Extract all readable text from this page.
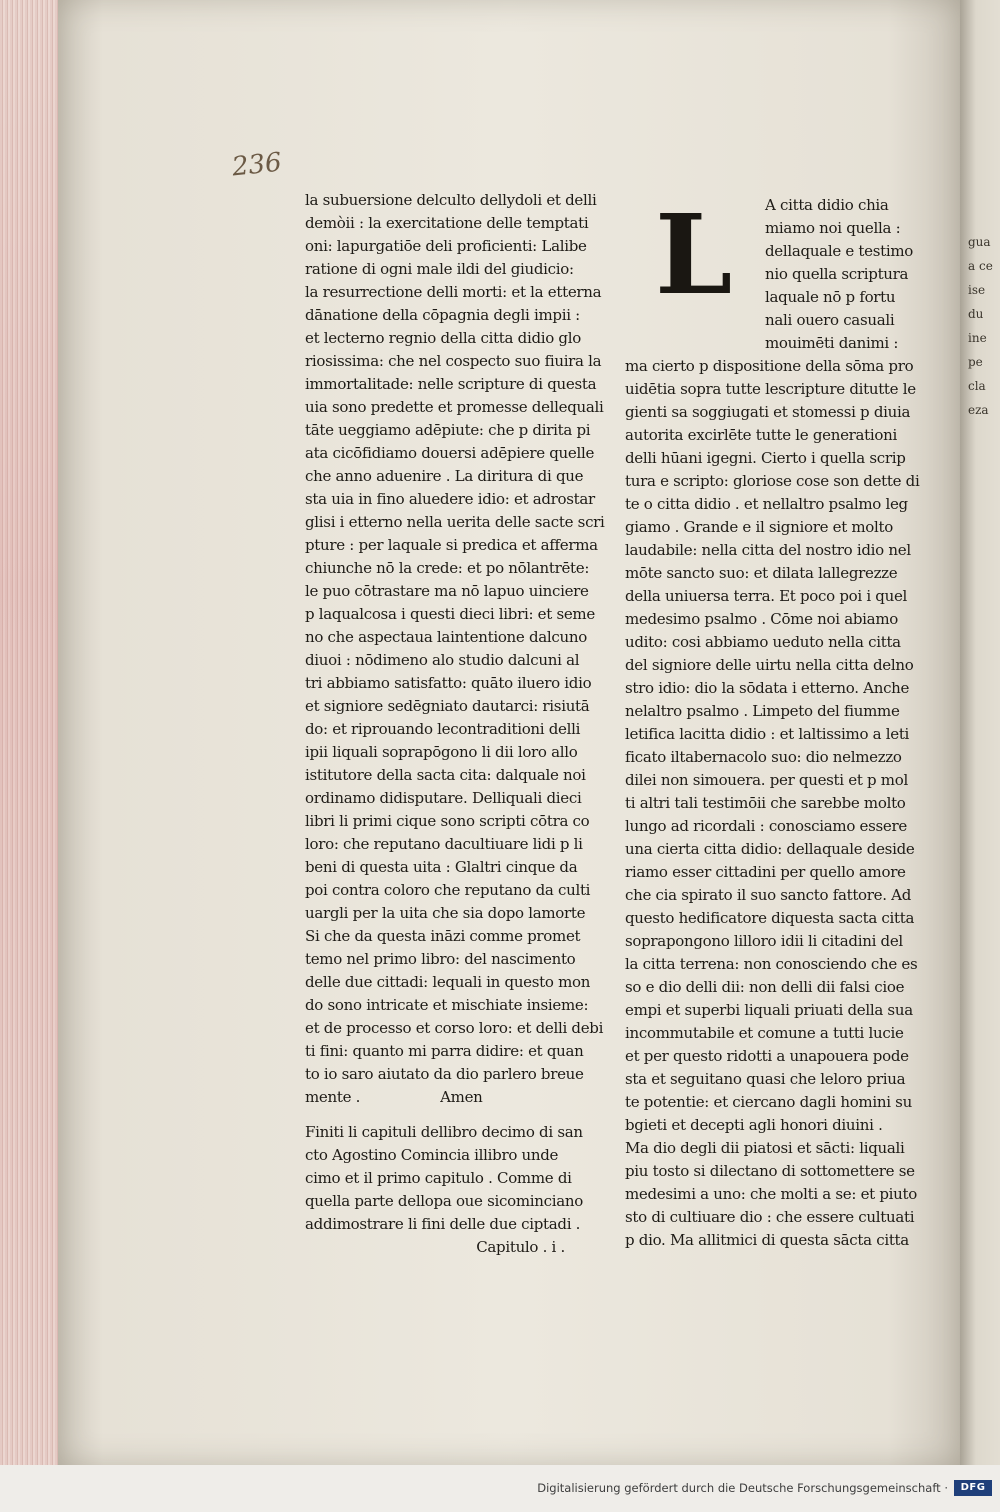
gua
a ce
ise
du
ine
pe
cla
eza
236
la subuersione delculto dellydoli et delli
demòii : la exercitatione delle temptati
oni: lapurgatiōe deli proficienti: Lalibe
ratione di ogni male ildi del giudicio:
la resurrectione delli morti: et la etterna
dānatione della cōpagnia degli impii :
et lecterno regnio della citta didio glo
riosissima: che nel cospecto suo fiuira la
immortalitade: nelle scripture di questa
uia sono predette et promesse dellequali
tāte ueggiamo adēpiute: che p dirita pi
ata cicōfidiamo douersi adēpiere quelle
che anno aduenire . La diritura di que
sta uia in fino aluedere idio: et adrostar
glisi i etterno nella uerita delle sacte scri
pture : per laquale si predica et afferma
chiunche nō la crede: et po nōlantrēte:
le puo cōtrastare ma nō lapuo uinciere
p laqualcosa i questi dieci libri: et seme
no che aspectaua laintentione dalcuno
diuoi : nōdimeno alo studio dalcuni al
tri abbiamo satisfatto: quāto iluero idio
et signiore sedēgniato dautarci: risiutā
do: et riprouando lecontraditioni delli
ipii liquali soprapōgono li dii loro allo
istitutore della sacta cita: dalquale noi
ordinamo didisputare. Delliquali dieci
libri li primi cique sono scripti cōtra co
loro: che reputano dacultiuare lidi p li
beni di questa uita : Glaltri cinque da
poi contra coloro che reputano da culti
uargli per la uita che sia dopo lamorte
Si che da questa ināzi comme promet
temo nel primo libro: del nascimento
delle due cittadi: lequali in questo mon
do sono intricate et mischiate insieme:
et de processo et corso loro: et delli debi
ti fini: quanto mi parra didire: et quan
to io saro aiutato da dio parlero breue
mente .	Amen
Finiti li capituli dellibro decimo di san
cto Agostino Comincia illibro unde
cimo et il primo capitulo . Comme di
quella parte dellopa oue sicominciano
addimostrare li fini delle due ciptadi .
Capitulo . i .
L	A citta didio chia
miamo noi quella :
dellaquale e testimo
nio quella scriptura
laquale nō p fortu
nali ouero casuali
mouimēti danimi :
ma cierto p dispositione della sōma pro
uidētia sopra tutte lescripture ditutte le
gienti sa soggiugati et stomessi p diuia
autorita excirlēte tutte le generationi
delli hūani igegni. Cierto i quella scrip
tura e scripto: gloriose cose son dette di
te o citta didio . et nellaltro psalmo leg
giamo . Grande e il signiore et molto
laudabile: nella citta del nostro idio nel
mōte sancto suo: et dilata lallegrezze
della uniuersa terra. Et poco poi i quel
medesimo psalmo . Cōme noi abiamo
udito: cosi abbiamo ueduto nella citta
del signiore delle uirtu nella citta delno
stro idio: dio la sōdata i etterno. Anche
nelaltro psalmo . Limpeto del fiumme
letifica lacitta didio : et laltissimo a leti
ficato iltabernacolo suo: dio nelmezzo
dilei non simouera. per questi et p mol
ti altri tali testimōii che sarebbe molto
lungo ad ricordali : conosciamo essere
una cierta citta didio: dellaquale deside
riamo esser cittadini per quello amore
che cia spirato il suo sancto fattore. Ad
questo hedificatore diquesta sacta citta
soprapongono lilloro idii li citadini del
la citta terrena: non conosciendo che es
so e dio delli dii: non delli dii falsi cioe
empi et superbi liquali priuati della sua
incommutabile et comune a tutti lucie
et per questo ridotti a unapouera pode
sta et seguitano quasi che leloro priua
te potentie: et ciercano dagli homini su
bgieti et decepti agli honori diuini .
Ma dio degli dii piatosi et sācti: liquali
piu tosto si dilectano di sottomettere se
medesimi a uno: che molti a se: et piuto
sto di cultiuare dio : che essere cultuati
p dio. Ma allitmici di questa sācta citta
Digitalisierung gefördert durch die Deutsche Forschungsgemeinschaft ·	DFG
